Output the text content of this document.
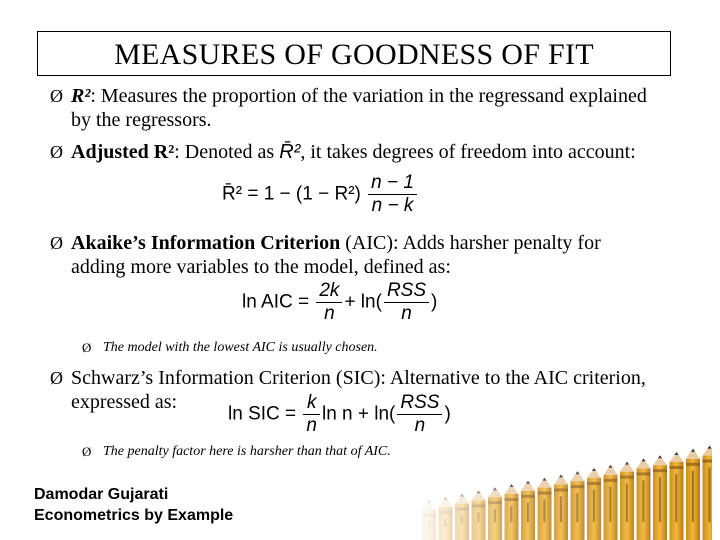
MEASURES OF GOODNESS OF FIT
Ø R²: Measures the proportion of the variation in the regressand explained
by the regressors.
Ø Adjusted R²: Denoted as R̄², it takes degrees of freedom into account:
R̄² = $1 - (1 - R^2) \frac{n - 1}{n - k}$
Ø Akaike’s Information Criterion (AIC): Adds harsher penalty for
adding more variables to the model, defined as:
ln AIC = $\frac{2k}{n} + \ln( \frac{\text{RSS}}{n}$ )
Ø The model with the lowest AIC is usually chosen.
Ø Schwarz’s Information Criterion (SIC): Alternative to the AIC criterion,
expressed as:
ln SIC = $\frac{k}{n}$ $\ln n + \ln( \frac{\text{RSS}}{n}$ )
Ø The penalty factor here is harsher than that of AIC.
Damodar Gujarati
Econometrics by Example
